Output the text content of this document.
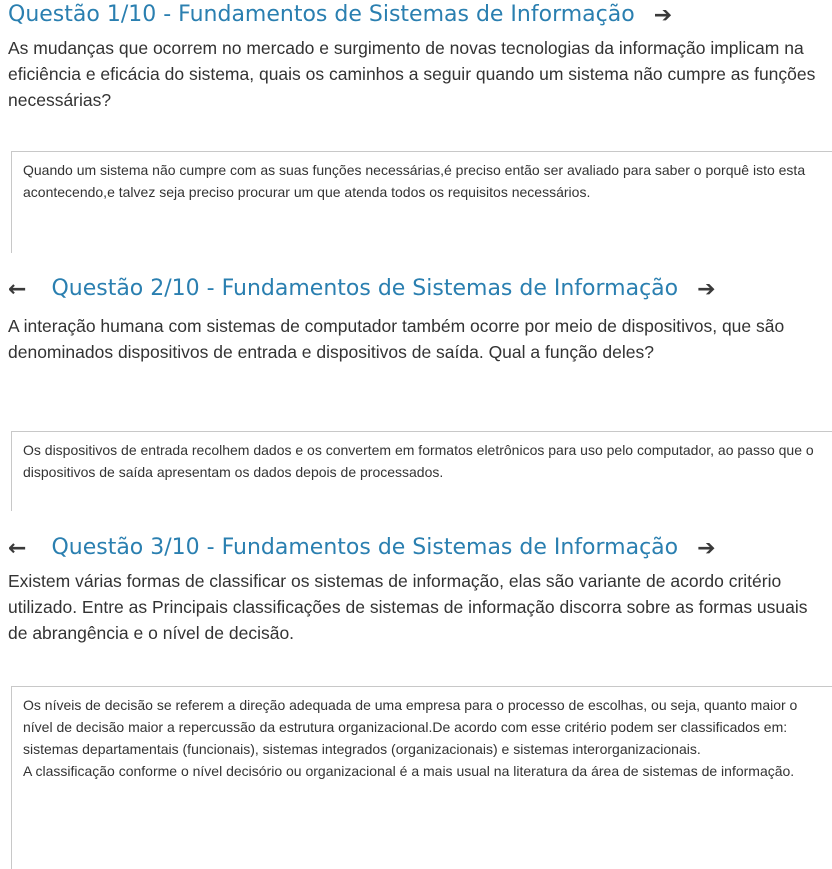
Questão 1/10 - Fundamentos de Sistemas de Informação ➔
As mudanças que ocorrem no mercado e surgimento de novas tecnologias da informação implicam na eficiência e eficácia do sistema, quais os caminhos a seguir quando um sistema não cumpre as funções necessárias?

Quando um sistema não cumpre com as suas funções necessárias,é preciso então ser avaliado para saber o porquê isto esta acontecendo,e talvez seja preciso procurar um que atenda todos os requisitos necessários.

← Questão 2/10 - Fundamentos de Sistemas de Informação ➔
A interação humana com sistemas de computador também ocorre por meio de dispositivos, que são denominados dispositivos de entrada e dispositivos de saída. Qual a função deles?

Os dispositivos de entrada recolhem dados e os convertem em formatos eletrônicos para uso pelo computador, ao passo que o dispositivos de saída apresentam os dados depois de processados.

← Questão 3/10 - Fundamentos de Sistemas de Informação ➔
Existem várias formas de classificar os sistemas de informação, elas são variante de acordo critério utilizado. Entre as Principais classificações de sistemas de informação discorra sobre as formas usuais de abrangência e o nível de decisão.

Os níveis de decisão se referem a direção adequada de uma empresa para o processo de escolhas, ou seja, quanto maior o nível de decisão maior a repercussão da estrutura organizacional.De acordo com esse critério podem ser classificados em: sistemas departamentais (funcionais), sistemas integrados (organizacionais) e sistemas interorganizacionais.

A classificação conforme o nível decisório ou organizacional é a mais usual na literatura da área de sistemas de informação.
